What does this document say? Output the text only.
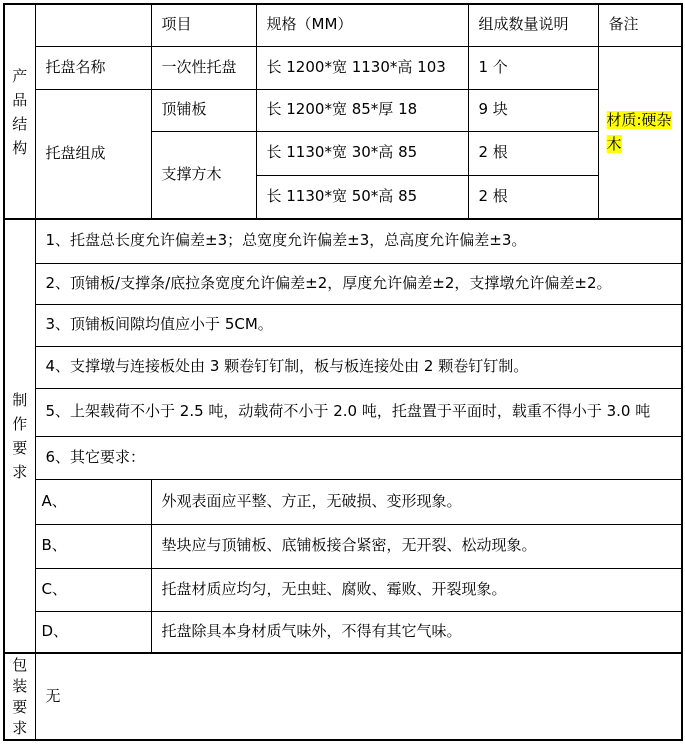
产品结构		项目	规格（MM）	组成数量说明	备注
	托盘名称	一次性托盘	长 1200*宽 1130*高 103	1 个	材质:硬杂木
	托盘组成	顶铺板	长 1200*宽 85*厚 18	9 块	
		支撑方木	长 1130*宽 30*高 85	2 根	
			长 1130*宽 50*高 85	2 根	

制作要求	1、托盘总长度允许偏差±3；总宽度允许偏差±3，总高度允许偏差±3。				
	2、顶铺板/支撑条/底拉条宽度允许偏差±2，厚度允许偏差±2，支撑墩允许偏差±2。				
	3、顶铺板间隙均值应小于 5CM。				
	4、支撑墩与连接板处由 3 颗卷钉钉制，板与板连接处由 2 颗卷钉钉制。				
	5、上架载荷不小于 2.5 吨，动载荷不小于 2.0 吨，托盘置于平面时，载重不得小于 3.0 吨				
	6、其它要求：				
	A、	外观表面应平整、方正，无破损、变形现象。			
	B、	垫块应与顶铺板、底铺板接合紧密，无开裂、松动现象。			
	C、	托盘材质应均匀，无虫蛀、腐败、霉败、开裂现象。			
	D、	托盘除具本身材质气味外，不得有其它气味。			

包装要求	无				
